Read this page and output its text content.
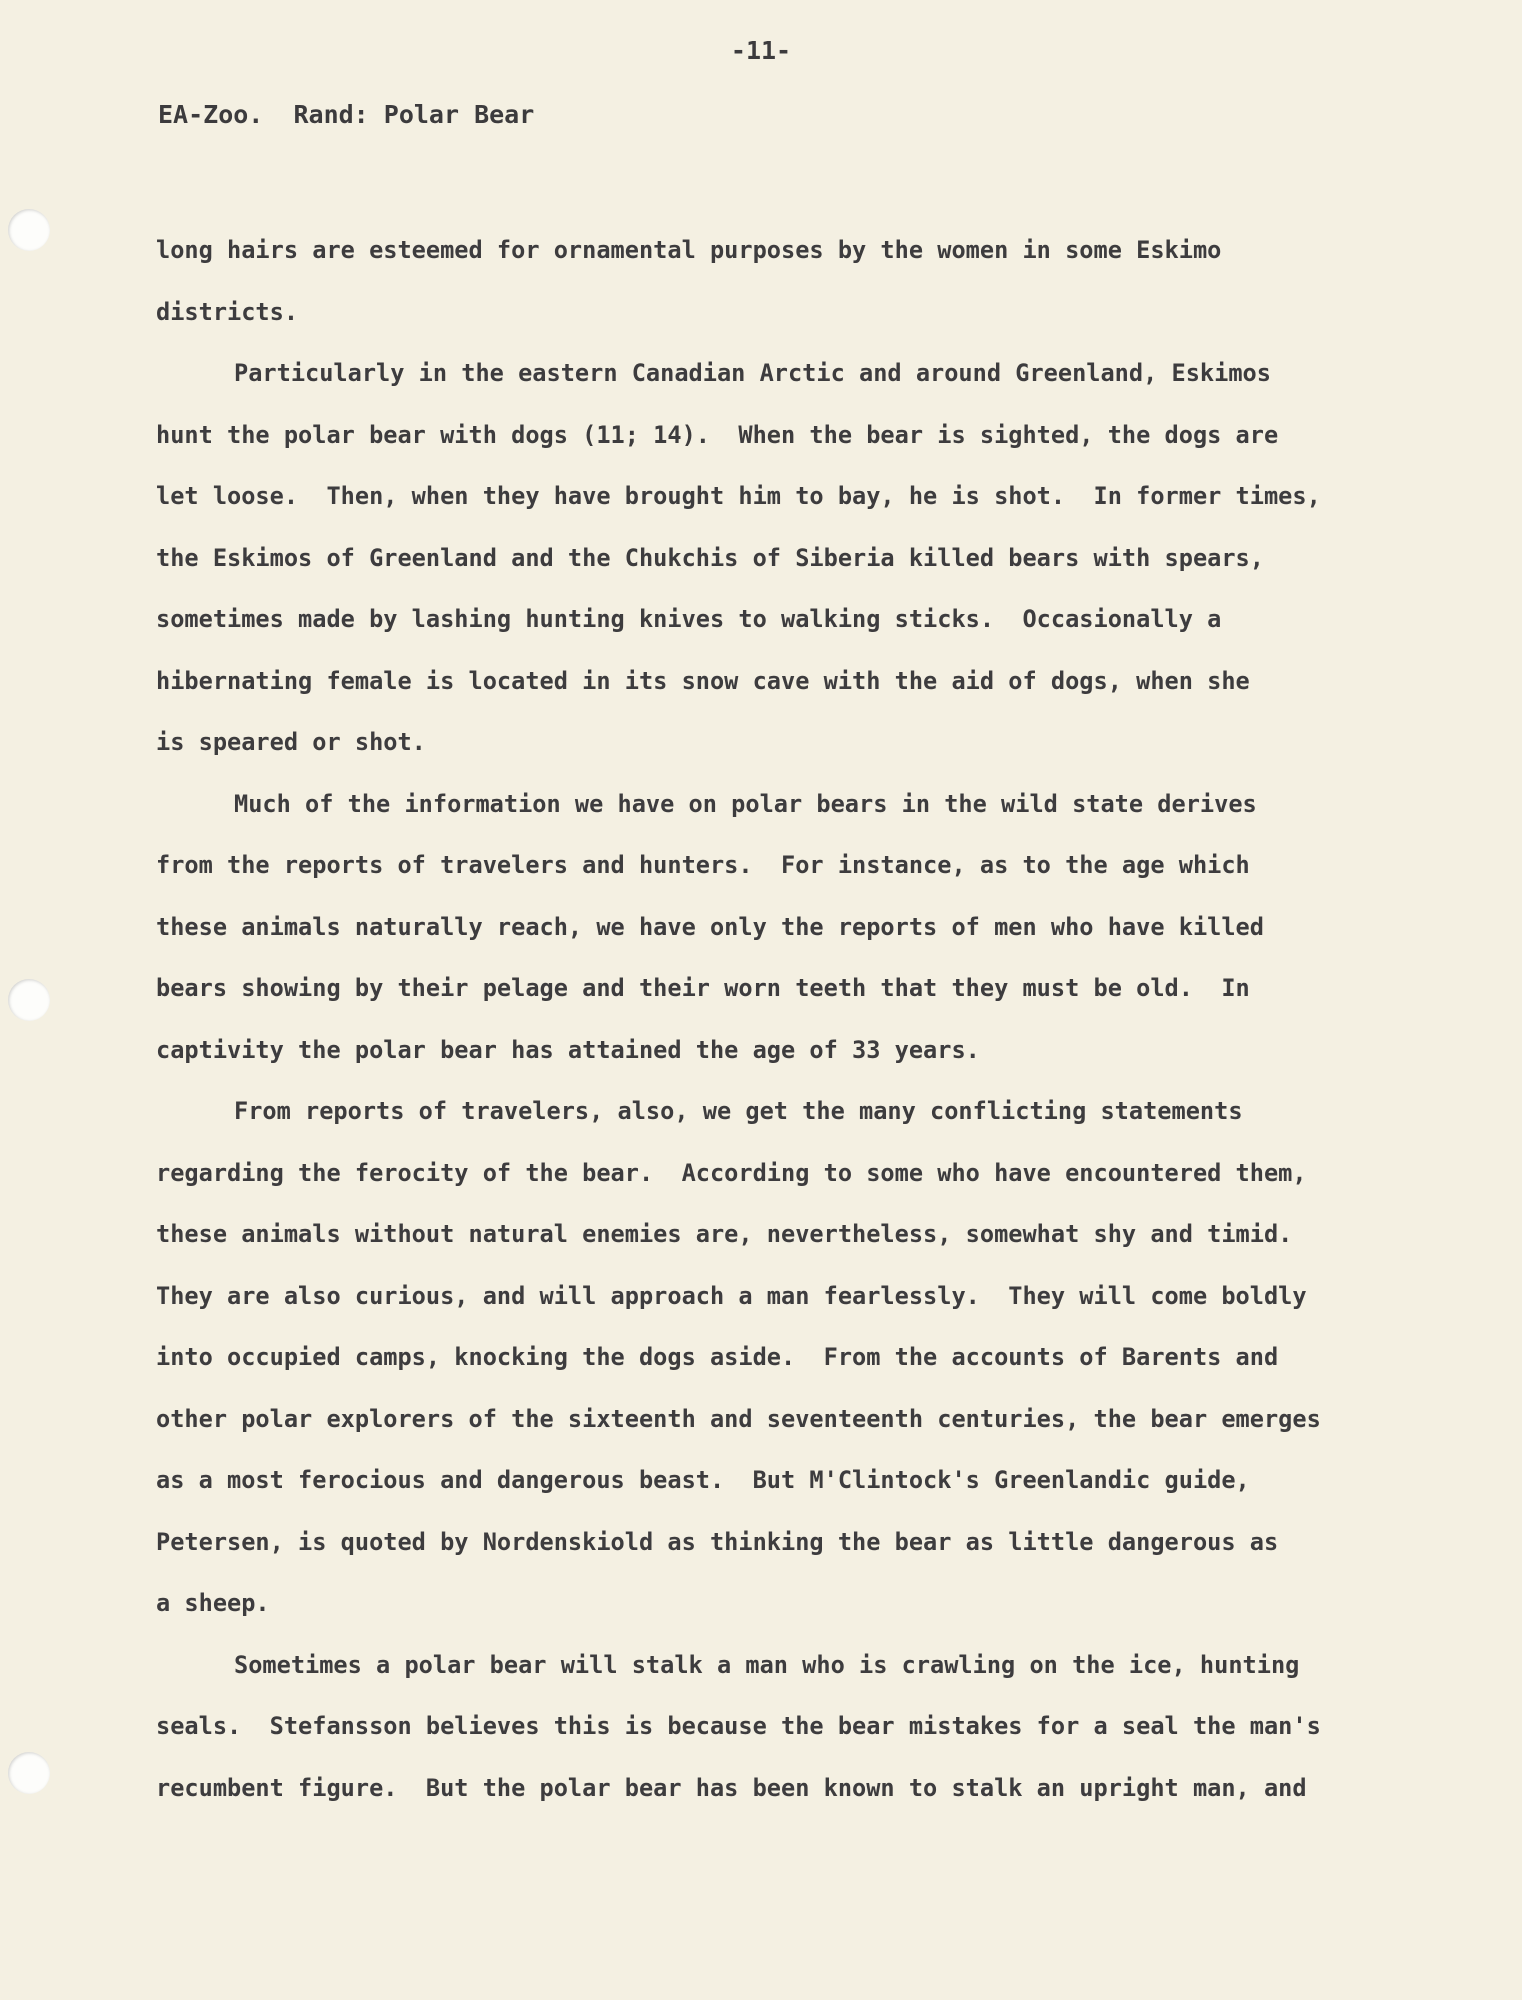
-11-
EA-Zoo.  Rand: Polar Bear
long hairs are esteemed for ornamental purposes by the women in some Eskimo
districts.
Particularly in the eastern Canadian Arctic and around Greenland, Eskimos
hunt the polar bear with dogs (11; 14).  When the bear is sighted, the dogs are
let loose.  Then, when they have brought him to bay, he is shot.  In former times,
the Eskimos of Greenland and the Chukchis of Siberia killed bears with spears,
sometimes made by lashing hunting knives to walking sticks.  Occasionally a
hibernating female is located in its snow cave with the aid of dogs, when she
is speared or shot.
Much of the information we have on polar bears in the wild state derives
from the reports of travelers and hunters.  For instance, as to the age which
these animals naturally reach, we have only the reports of men who have killed
bears showing by their pelage and their worn teeth that they must be old.  In
captivity the polar bear has attained the age of 33 years.
From reports of travelers, also, we get the many conflicting statements
regarding the ferocity of the bear.  According to some who have encountered them,
these animals without natural enemies are, nevertheless, somewhat shy and timid.
They are also curious, and will approach a man fearlessly.  They will come boldly
into occupied camps, knocking the dogs aside.  From the accounts of Barents and
other polar explorers of the sixteenth and seventeenth centuries, the bear emerges
as a most ferocious and dangerous beast.  But M'Clintock's Greenlandic guide,
Petersen, is quoted by Nordenskiold as thinking the bear as little dangerous as
a sheep.
Sometimes a polar bear will stalk a man who is crawling on the ice, hunting
seals.  Stefansson believes this is because the bear mistakes for a seal the man's
recumbent figure.  But the polar bear has been known to stalk an upright man, and
